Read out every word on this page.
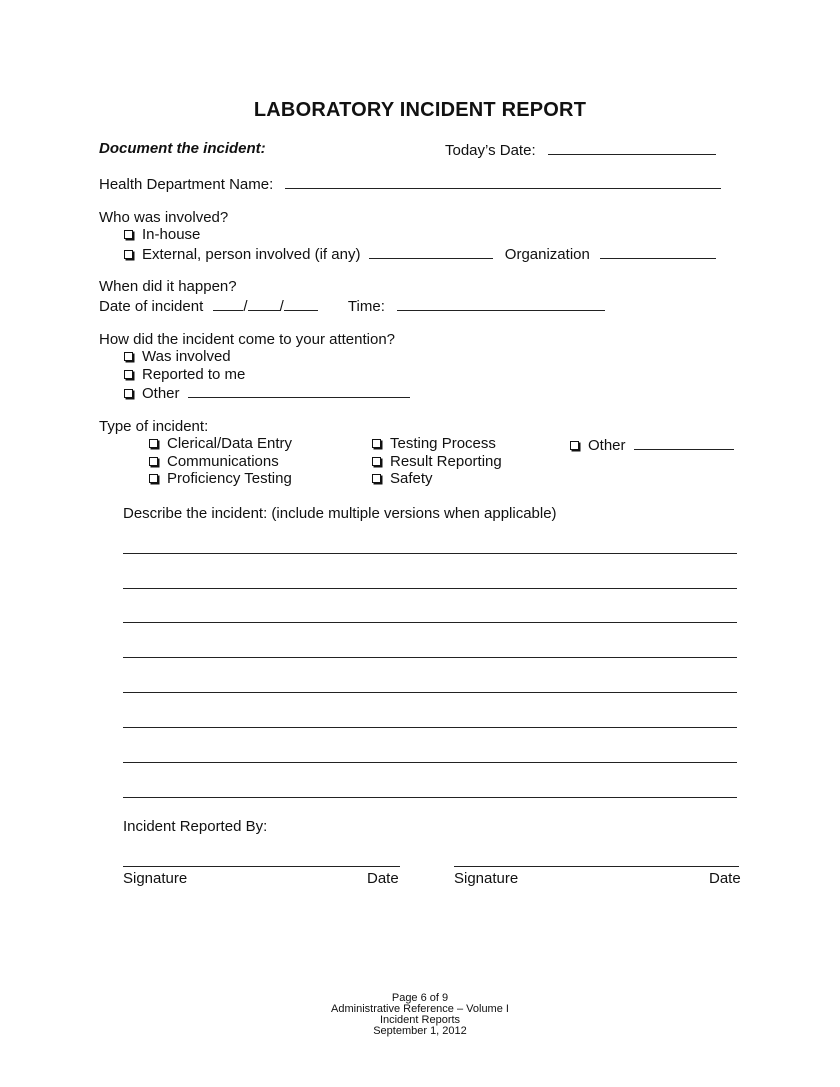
LABORATORY INCIDENT REPORT
Document the incident:	Today’s Date:
Health Department Name:
Who was involved?
In-house
External, person involved (if any)	Organization
When did it happen?
Date of incident	/ /	Time:
How did the incident come to your attention?
Was involved
Reported to me
Other
Type of incident:
Clerical/Data Entry
Communications
Proficiency Testing
Testing Process
Result Reporting
Safety
Other
Describe the incident: (include multiple versions when applicable)
Incident Reported By:
Signature	Date	Signature	Date
Page 6 of 9
Administrative Reference – Volume I
Incident Reports
September 1, 2012
